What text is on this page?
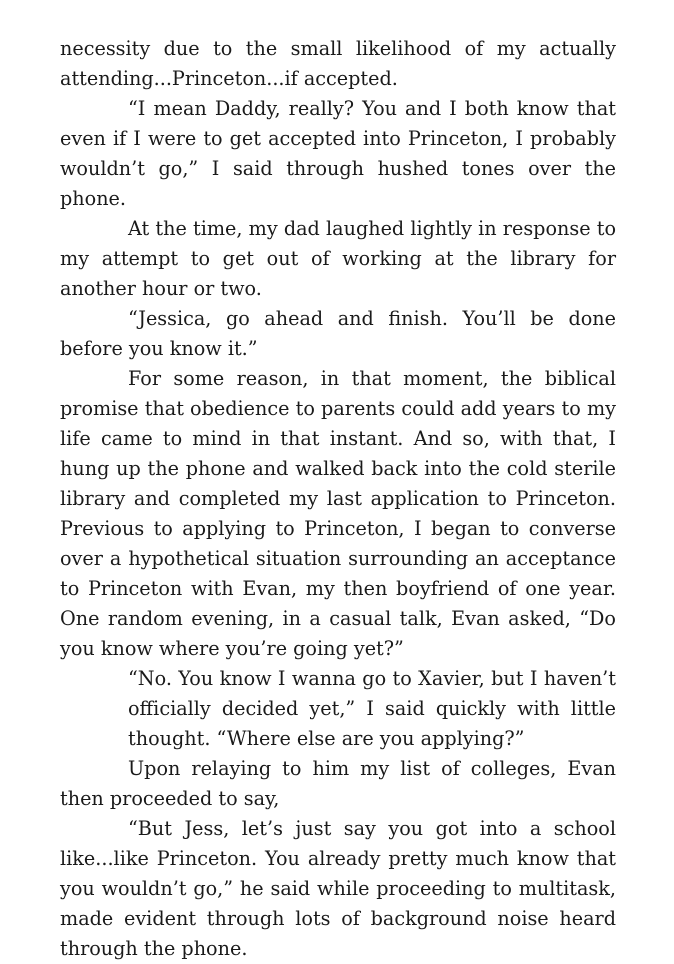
necessity due to the small likelihood of my actually attending...Princeton...if accepted.

“I mean Daddy, really? You and I both know that even if I were to get accepted into Princeton, I probably wouldn’t go,” I said through hushed tones over the phone.

At the time, my dad laughed lightly in response to my attempt to get out of working at the library for another hour or two.

“Jessica, go ahead and finish. You’ll be done before you know it.”

For some reason, in that moment, the biblical promise that obedience to parents could add years to my life came to mind in that instant. And so, with that, I hung up the phone and walked back into the cold sterile library and completed my last application to Princeton. Previous to applying to Princeton, I began to converse over a hypothetical situation surrounding an acceptance to Princeton with Evan, my then boyfriend of one year. One random evening, in a casual talk, Evan asked, “Do you know where you’re going yet?”

“No. You know I wanna go to Xavier, but I haven’t officially decided yet,” I said quickly with little thought. “Where else are you applying?”

Upon relaying to him my list of colleges, Evan then proceeded to say,

“But Jess, let’s just say you got into a school like...like Princeton. You already pretty much know that you wouldn’t go,” he said while proceeding to multitask, made evident through lots of background noise heard through the phone.
